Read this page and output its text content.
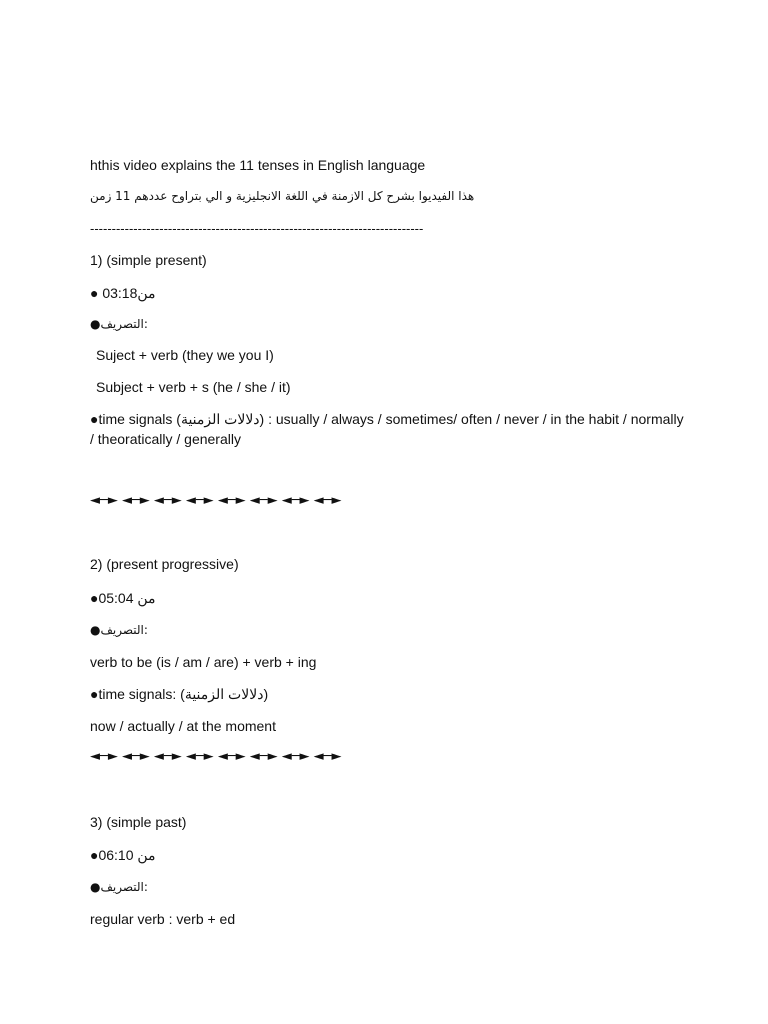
hthis video explains the 11 tenses in English language
هذا الفيديوا بشرح كل الازمنة في اللغة الانجليزية و الي بتراوح عددهم 11 زمن
-----------------------------------------------------------------------------
1) (simple present)
● 03:18من
●التصريف:
Suject + verb (they we you I)
Subject + verb + s (he / she / it)
●time signals (دلالات الزمنية) : usually / always / sometimes/ often / never / in the habit / normally / theoratically / generally
◄─► ◄─► ◄─► ◄─► ◄─► ◄─► ◄─► ◄─►
2) (present progressive)
●05:04 من
●التصريف:
verb to be (is / am / are) + verb + ing
●time signals: (دلالات الزمنية)
now / actually / at the moment
◄─► ◄─► ◄─► ◄─► ◄─► ◄─► ◄─► ◄─►
3) (simple past)
●06:10 من
●التصريف:
regular verb : verb + ed
